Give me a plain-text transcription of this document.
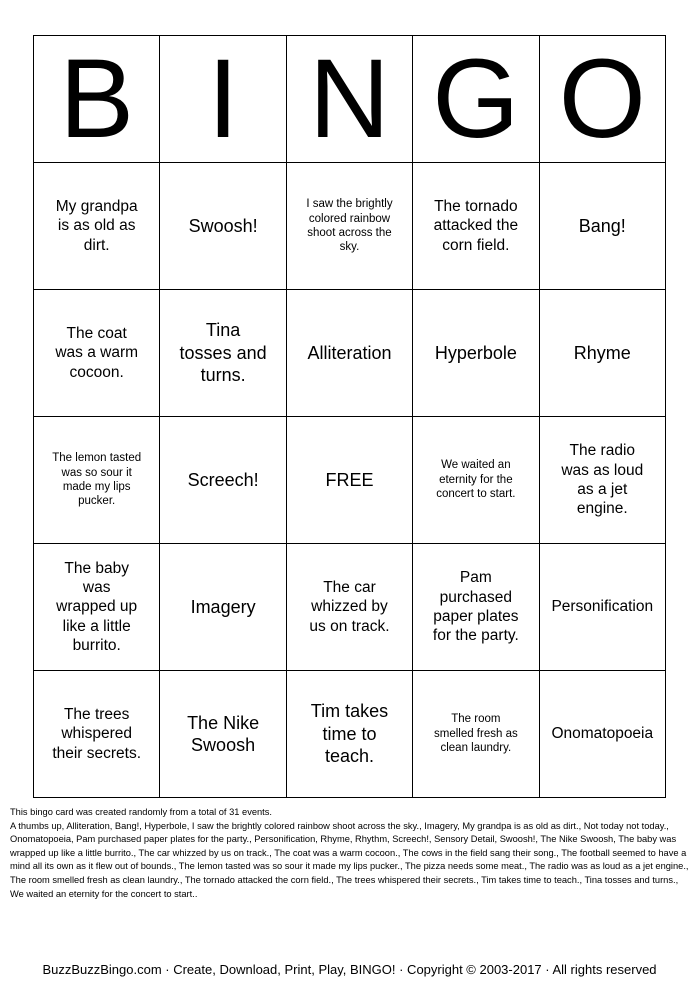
B	I	N	G	O
My grandpa is as old as dirt.	Swoosh!	I saw the brightly colored rainbow shoot across the sky.	The tornado attacked the corn field.	Bang!
The coat was a warm cocoon.	Tina tosses and turns.	Alliteration	Hyperbole	Rhyme
The lemon tasted was so sour it made my lips pucker.	Screech!	FREE	We waited an eternity for the concert to start.	The radio was as loud as a jet engine.
The baby was wrapped up like a little burrito.	Imagery	The car whizzed by us on track.	Pam purchased paper plates for the party.	Personification
The trees whispered their secrets.	The Nike Swoosh	Tim takes time to teach.	The room smelled fresh as clean laundry.	Onomatopoeia

This bingo card was created randomly from a total of 31 events.
A thumbs up, Alliteration, Bang!, Hyperbole, I saw the brightly colored rainbow shoot across the sky., Imagery, My grandpa is as old as dirt., Not today not today., Onomatopoeia, Pam purchased paper plates for the party., Personification, Rhyme, Rhythm, Screech!, Sensory Detail, Swoosh!, The Nike Swoosh, The baby was wrapped up like a little burrito., The car whizzed by us on track., The coat was a warm cocoon., The cows in the field sang their song., The football seemed to have a mind all its own as it flew out of bounds., The lemon tasted was so sour it made my lips pucker., The pizza needs some meat., The radio was as loud as a jet engine., The room smelled fresh as clean laundry., The tornado attacked the corn field., The trees whispered their secrets., Tim takes time to teach., Tina tosses and turns., We waited an eternity for the concert to start..

BuzzBuzzBingo.com · Create, Download, Print, Play, BINGO! · Copyright © 2003-2017 · All rights reserved
